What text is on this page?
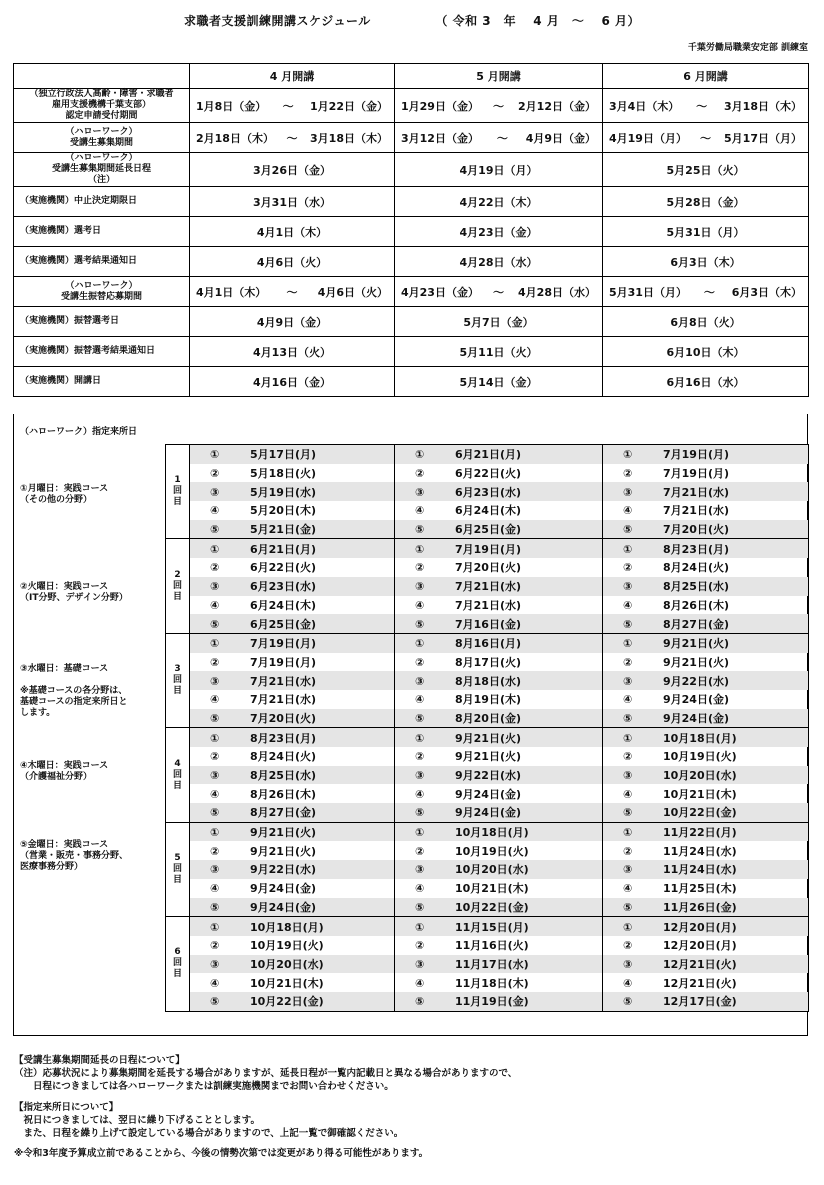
求職者支援訓練開講スケジュール	（ 令和 3　年　 4 月　～　 6 月）
千葉労働局職業安定部 訓練室
	4 月開講	5 月開講	6 月開講
（独立行政法人高齢・障害・求職者
雇用支援機構千葉支部）
認定申請受付期間	1月8日（金） ～ 1月22日（金）	1月29日（金） ～ 2月12日（金）	3月4日（木） ～ 3月18日（木）

（ハローワーク）
受講生募集期間	2月18日（木） ～ 3月18日（木）	3月12日（金） ～ 4月9日（金）	4月19日（月） ～ 5月17日（月）

（ハローワーク）
受講生募集期間延長日程
（注）	3月26日（金）	4月19日（月）	5月25日（火）
（実施機関）中止決定期限日	3月31日（水）	4月22日（木）	5月28日（金）
（実施機関）選考日	4月1日（木）	4月23日（金）	5月31日（月）
（実施機関）選考結果通知日	4月6日（火）	4月28日（水）	6月3日（木）
（ハローワーク）
受講生振替応募期間	4月1日（木） ～ 4月6日（火）	4月23日（金） ～ 4月28日（水）	5月31日（月） ～ 6月3日（木）

（実施機関）振替選考日	4月9日（金）	5月7日（金）	6月8日（火）
（実施機関）振替選考結果通知日	4月13日（火）	5月11日（火）	6月10日（木）
（実施機関）開講日	4月16日（金）	5月14日（金）	6月16日（水）
（ハローワーク）指定来所日
①月曜日：実践コース
（その他の分野）
②火曜日：実践コース
（IT分野、デザイン分野）
③水曜日：基礎コース

※基礎コースの各分野は、
基礎コースの指定来所日と
します。
④木曜日：実践コース
（介護福祉分野）
⑤金曜日：実践コース
（営業・販売・事務分野、
医療事務分野）
1
回
目	① 5月17日(月)	① 6月21日(月)	① 7月19日(月)
	② 5月18日(火)	② 6月22日(火)	② 7月19日(月)
	③ 5月19日(水)	③ 6月23日(水)	③ 7月21日(水)
	④ 5月20日(木)	④ 6月24日(木)	④ 7月21日(水)
	⑤ 5月21日(金)	⑤ 6月25日(金)	⑤ 7月20日(火)
2
回
目	① 6月21日(月)	① 7月19日(月)	① 8月23日(月)
	② 6月22日(火)	② 7月20日(火)	② 8月24日(火)
	③ 6月23日(水)	③ 7月21日(水)	③ 8月25日(水)
	④ 6月24日(木)	④ 7月21日(水)	④ 8月26日(木)
	⑤ 6月25日(金)	⑤ 7月16日(金)	⑤ 8月27日(金)
3
回
目	① 7月19日(月)	① 8月16日(月)	① 9月21日(火)
	② 7月19日(月)	② 8月17日(火)	② 9月21日(火)
	③ 7月21日(水)	③ 8月18日(水)	③ 9月22日(水)
	④ 7月21日(水)	④ 8月19日(木)	④ 9月24日(金)
	⑤ 7月20日(火)	⑤ 8月20日(金)	⑤ 9月24日(金)
4
回
目	① 8月23日(月)	① 9月21日(火)	① 10月18日(月)
	② 8月24日(火)	② 9月21日(火)	② 10月19日(火)
	③ 8月25日(水)	③ 9月22日(水)	③ 10月20日(水)
	④ 8月26日(木)	④ 9月24日(金)	④ 10月21日(木)
	⑤ 8月27日(金)	⑤ 9月24日(金)	⑤ 10月22日(金)
5
回
目	① 9月21日(火)	① 10月18日(月)	① 11月22日(月)
	② 9月21日(火)	② 10月19日(火)	② 11月24日(水)
	③ 9月22日(水)	③ 10月20日(水)	③ 11月24日(水)
	④ 9月24日(金)	④ 10月21日(木)	④ 11月25日(木)
	⑤ 9月24日(金)	⑤ 10月22日(金)	⑤ 11月26日(金)
6
回
目	① 10月18日(月)	① 11月15日(月)	① 12月20日(月)
	② 10月19日(火)	② 11月16日(火)	② 12月20日(月)
	③ 10月20日(水)	③ 11月17日(水)	③ 12月21日(火)
	④ 10月21日(木)	④ 11月18日(木)	④ 12月21日(火)
	⑤ 10月22日(金)	⑤ 11月19日(金)	⑤ 12月17日(金)
【受講生募集期間延長の日程について】
（注）応募状況により募集期間を延長する場合がありますが、延長日程が一覧内記載日と異なる場合がありますので、
　　日程につきましては各ハローワークまたは訓練実施機関までお問い合わせください。
【指定来所日について】
　祝日につきましては、翌日に繰り下げることとします。
　また、日程を繰り上げて設定している場合がありますので、上記一覧で御確認ください。
※令和3年度予算成立前であることから、今後の情勢次第では変更があり得る可能性があります。
